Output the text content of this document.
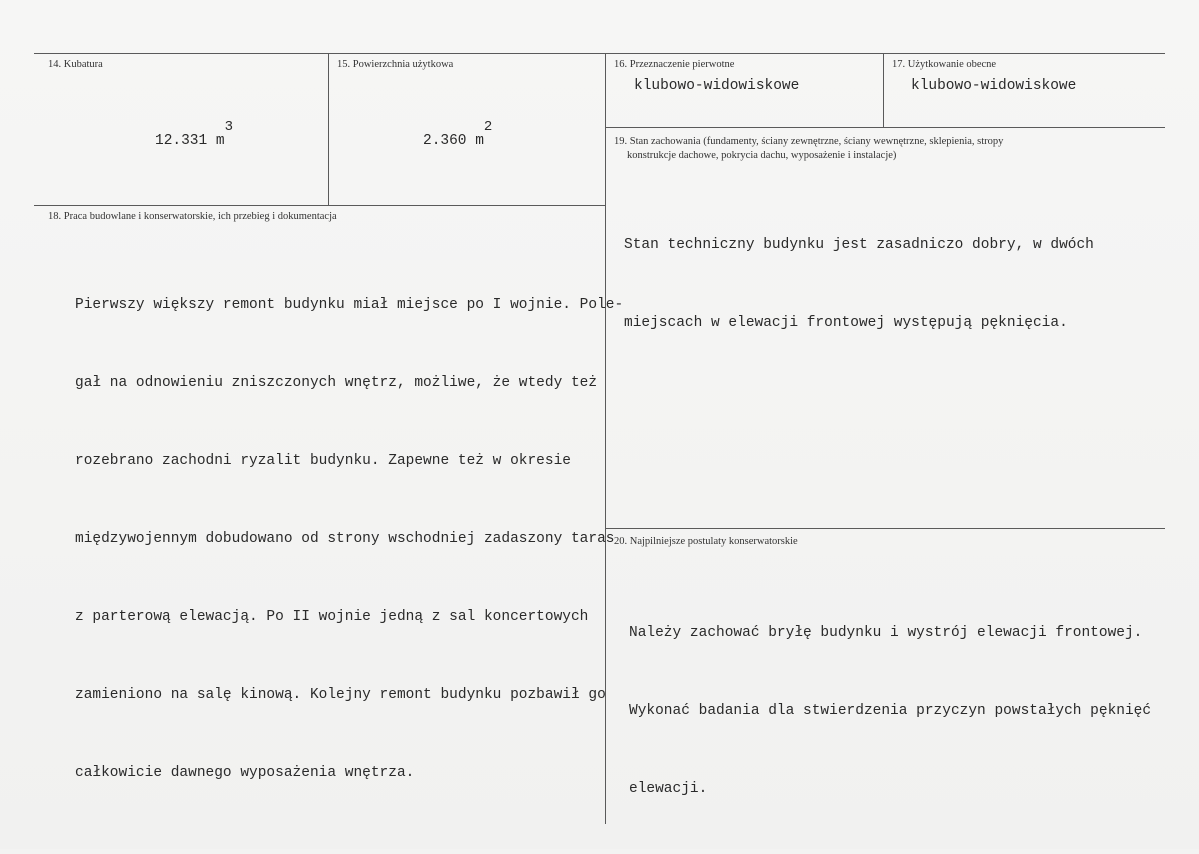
14. Kubatura
12.331 m3
15. Powierzchnia użytkowa
2.360 m2
16. Przeznaczenie pierwotne
klubowo-widowiskowe
17. Użytkowanie obecne
klubowo-widowiskowe
19. Stan zachowania (fundamenty, ściany zewnętrzne, ściany wewnętrzne, sklepienia, stropy
konstrukcje dachowe, pokrycia dachu, wyposażenie i instalacje)

Stan techniczny budynku jest zasadniczo dobry, w dwóch

miejscach w elewacji frontowej występują pęknięcia.

18. Praca budowlane i konserwatorskie, ich przebieg i dokumentacja

Pierwszy większy remont budynku miał miejsce po I wojnie. Pole-

gał na odnowieniu zniszczonych wnętrz, możliwe, że wtedy też

rozebrano zachodni ryzalit budynku. Zapewne też w okresie

międzywojennym dobudowano od strony wschodniej zadaszony taras

z parterową elewacją. Po II wojnie jedną z sal koncertowych

zamieniono na salę kinową. Kolejny remont budynku pozbawił go

całkowicie dawnego wyposażenia wnętrza.

20. Najpilniejsze postulaty konserwatorskie

Należy zachować bryłę budynku i wystrój elewacji frontowej.

Wykonać badania dla stwierdzenia przyczyn powstałych pęknięć

elewacji.
